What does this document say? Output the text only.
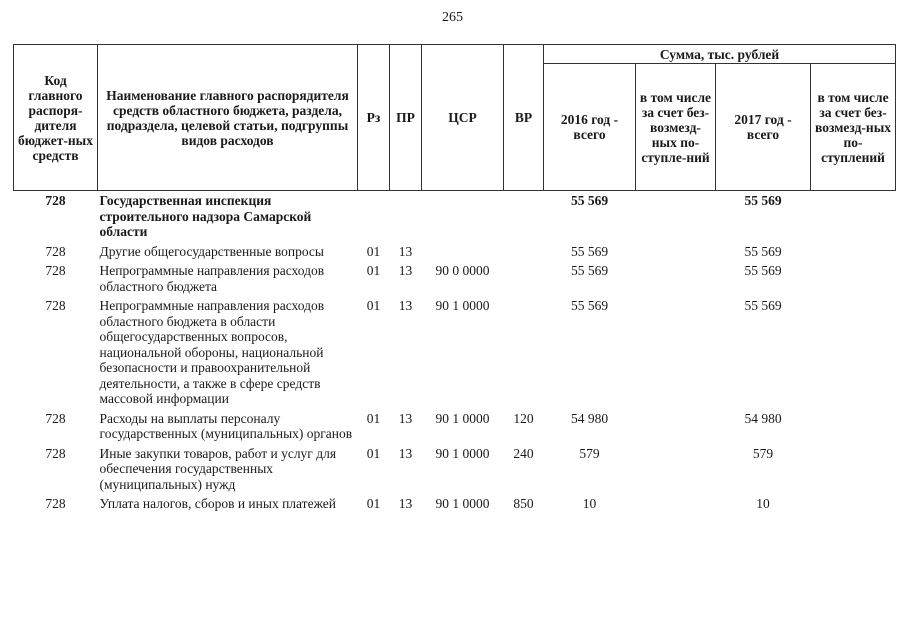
265
Код главного распоря-дителя бюджет-ных средств	Наименование главного распорядителя средств областного бюджета, раздела, подраздела, целевой статьи, подгруппы видов расходов	Рз	ПР	ЦСР	ВР	Сумма, тыс. рублей			
						2016 год - всего	в том числе за счет без-возмезд-ных по-ступле-ний	2017 год - всего	в том числе за счет без-возмезд-ных по-ступлений
728	Государственная инспекция строительного надзора Самарской области					55 569		55 569	
728	Другие общегосударственные вопросы	01	13			55 569		55 569	
728	Непрограммные направления расходов областного бюджета	01	13	90 0 0000		55 569		55 569	
728	Непрограммные направления расходов областного бюджета в области общегосударственных вопросов, национальной обороны, национальной безопасности и правоохранительной деятельности, а также в сфере средств массовой информации	01	13	90 1 0000		55 569		55 569	
728	Расходы на выплаты персоналу государственных (муниципальных) органов	01	13	90 1 0000	120	54 980		54 980	
728	Иные закупки товаров, работ и услуг для обеспечения государственных (муниципальных) нужд	01	13	90 1 0000	240	579		579	
728	Уплата налогов, сборов и иных платежей	01	13	90 1 0000	850	10		10	
